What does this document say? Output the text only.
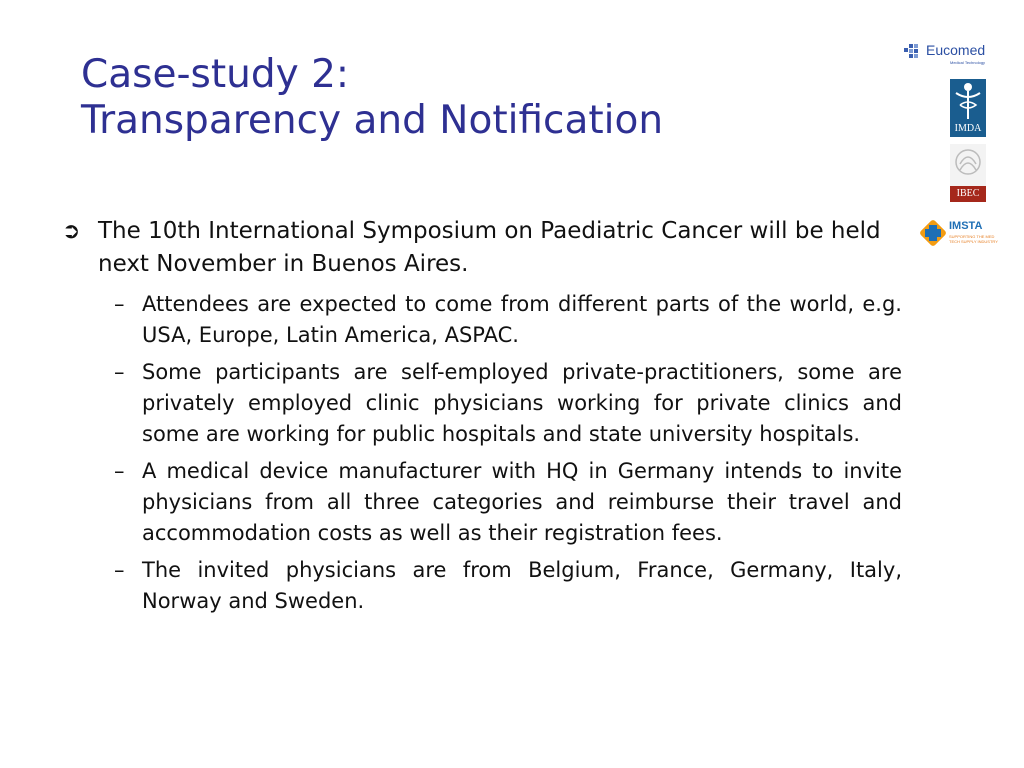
Case-study 2:
Transparency and Notification
➲ The 10th International Symposium on Paediatric Cancer will be held next November in Buenos Aires.
– Attendees are expected to come from different parts of the world, e.g. USA, Europe, Latin America, ASPAC.
– Some participants are self-employed private-practitioners, some are privately employed clinic physicians working for private clinics and some are working for public hospitals and state university hospitals.
– A medical device manufacturer with HQ in Germany intends to invite physicians from all three categories and reimburse their travel and accommodation costs as well as their registration fees.
– The invited physicians are from Belgium, France, Germany, Italy, Norway and Sweden.
Eucomed
Medical Technology
IMDA
IBEC
IMSTA
SUPPORTING THE MED TECH SUPPLY INDUSTRY
